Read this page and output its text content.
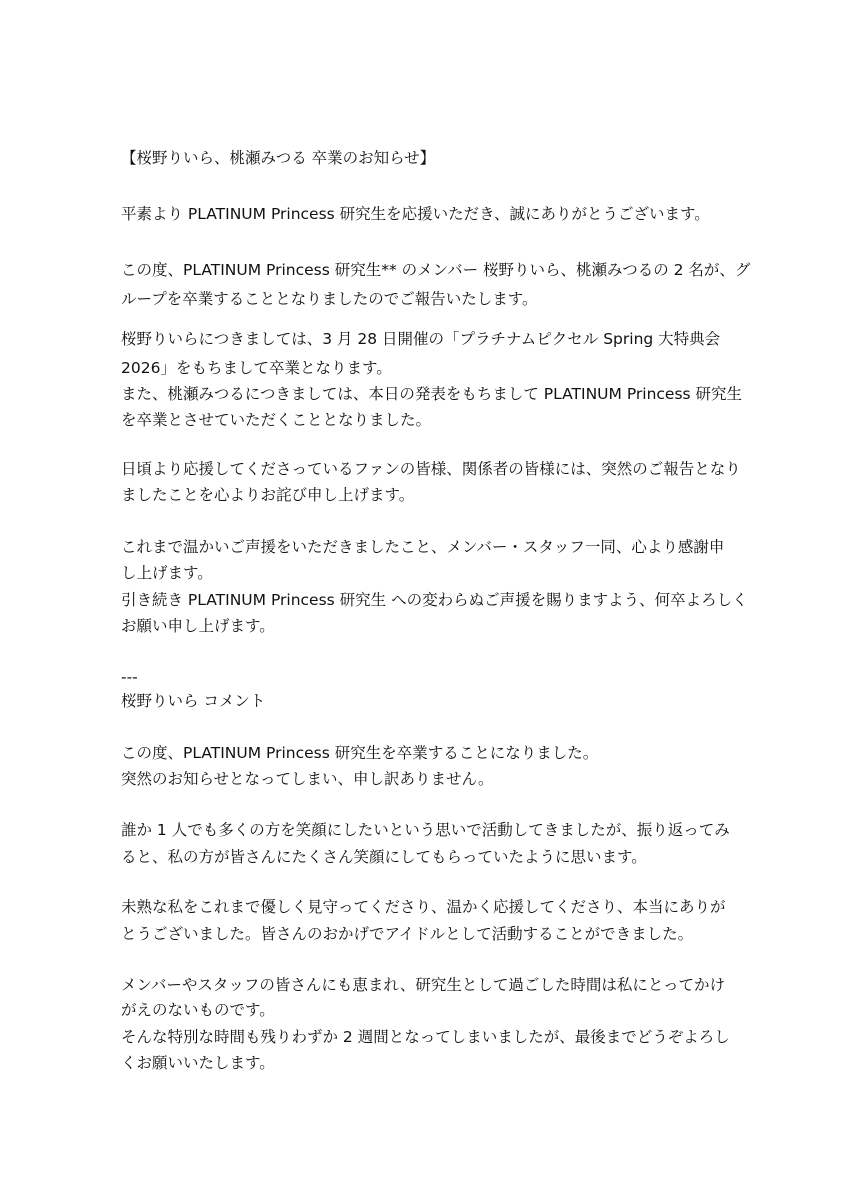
【桜野りいら、桃瀬みつる 卒業のお知らせ】
平素より PLATINUM Princess 研究生を応援いただき、誠にありがとうございます。
この度、PLATINUM Princess 研究生** のメンバー 桜野りいら、桃瀬みつるの 2 名が、グ
ループを卒業することとなりましたのでご報告いたします。
桜野りいらにつきましては、3 月 28 日開催の「プラチナムピクセル Spring 大特典会
2026」をもちまして卒業となります。
また、桃瀬みつるにつきましては、本日の発表をもちまして PLATINUM Princess 研究生
を卒業とさせていただくこととなりました。
日頃より応援してくださっているファンの皆様、関係者の皆様には、突然のご報告となり
ましたことを心よりお詫び申し上げます。
これまで温かいご声援をいただきましたこと、メンバー・スタッフ一同、心より感謝申
し上げます。
引き続き PLATINUM Princess 研究生 への変わらぬご声援を賜りますよう、何卒よろしく
お願い申し上げます。
---
桜野りいら コメント
この度、PLATINUM Princess 研究生を卒業することになりました。
突然のお知らせとなってしまい、申し訳ありません。
誰か 1 人でも多くの方を笑顔にしたいという思いで活動してきましたが、振り返ってみ
ると、私の方が皆さんにたくさん笑顔にしてもらっていたように思います。
未熟な私をこれまで優しく見守ってくださり、温かく応援してくださり、本当にありが
とうございました。皆さんのおかげでアイドルとして活動することができました。
メンバーやスタッフの皆さんにも恵まれ、研究生として過ごした時間は私にとってかけ
がえのないものです。
そんな特別な時間も残りわずか 2 週間となってしまいましたが、最後までどうぞよろし
くお願いいたします。
